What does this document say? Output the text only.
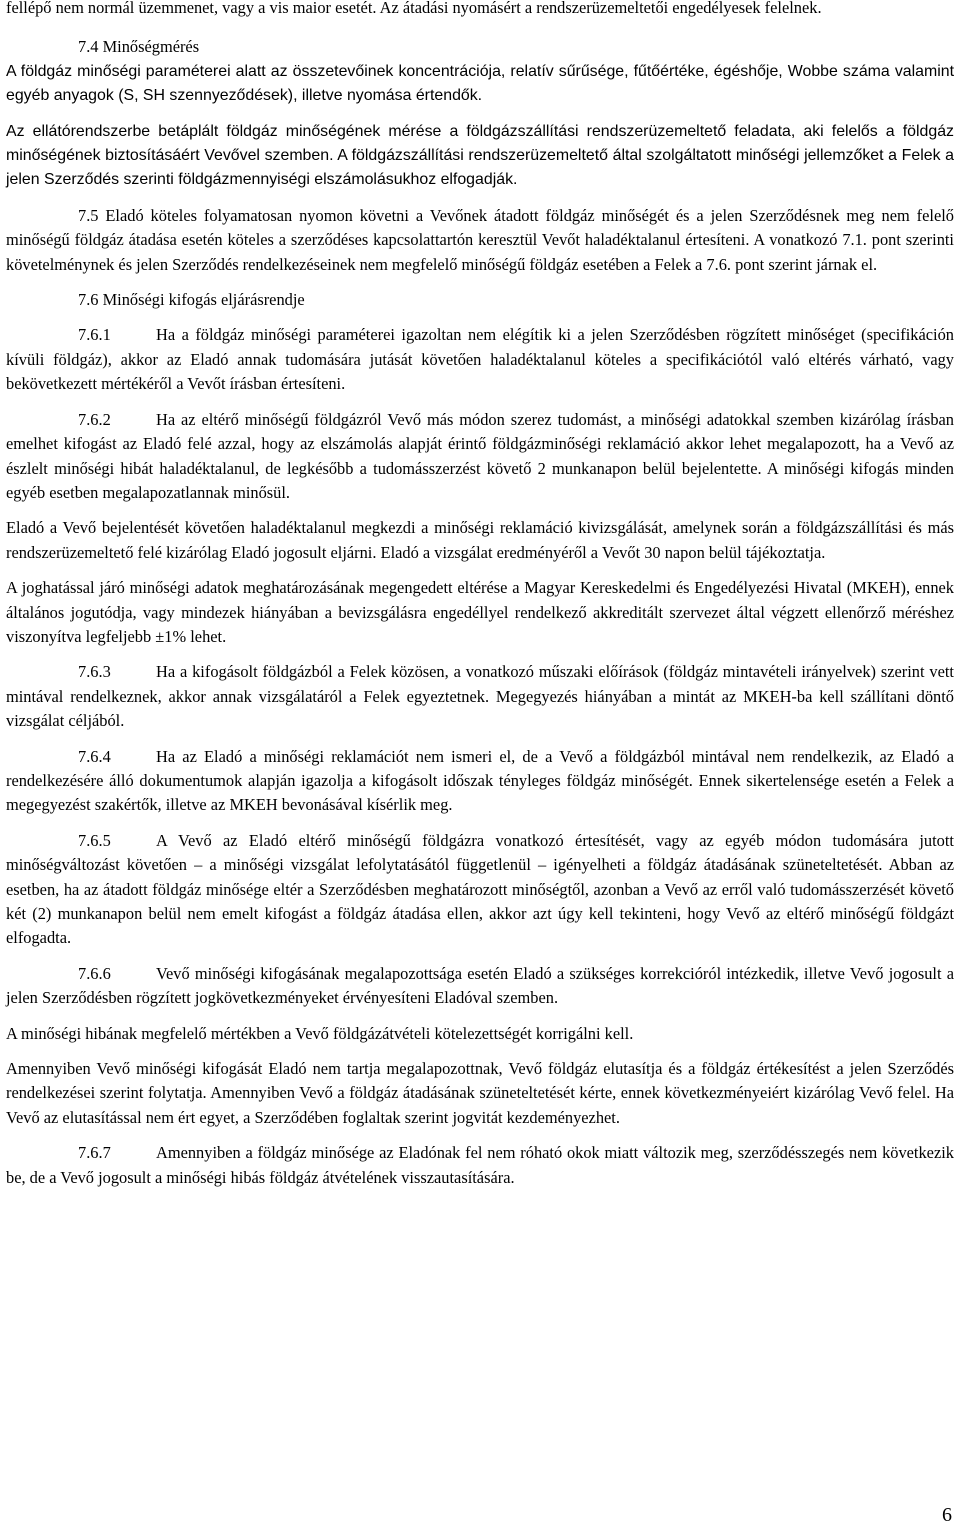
fellépő nem normál üzemmenet, vagy a vis maior esetét. Az átadási nyomásért a rendszerüzemeltetői engedélyesek felelnek.

7.4 Minőségmérés

A földgáz minőségi paraméterei alatt az összetevőinek koncentrációja, relatív sűrűsége, fűtőértéke, égéshője, Wobbe száma valamint egyéb anyagok (S, SH szennyeződések), illetve nyomása értendők.

Az ellátórendszerbe betáplált földgáz minőségének mérése a földgázszállítási rendszerüzemeltető feladata, aki felelős a földgáz minőségének biztosításáért Vevővel szemben. A földgázszállítási rendszerüzemeltető által szolgáltatott minőségi jellemzőket a Felek a jelen Szerződés szerinti földgázmennyiségi elszámolásukhoz elfogadják.

7.5 Eladó köteles folyamatosan nyomon követni a Vevőnek átadott földgáz minőségét és a jelen Szerződésnek meg nem felelő minőségű földgáz átadása esetén köteles a szerződéses kapcsolattartón keresztül Vevőt haladéktalanul értesíteni. A vonatkozó 7.1. pont szerinti követelménynek és jelen Szerződés rendelkezéseinek nem megfelelő minőségű földgáz esetében a Felek a 7.6. pont szerint járnak el.

7.6 Minőségi kifogás eljárásrendje

7.6.1	Ha a földgáz minőségi paraméterei igazoltan nem elégítik ki a jelen Szerződésben rögzített minőséget (specifikáción kívüli földgáz), akkor az Eladó annak tudomására jutását követően haladéktalanul köteles a specifikációtól való eltérés várható, vagy bekövetkezett mértékéről a Vevőt írásban értesíteni.

7.6.2	Ha az eltérő minőségű földgázról Vevő más módon szerez tudomást, a minőségi adatokkal szemben kizárólag írásban emelhet kifogást az Eladó felé azzal, hogy az elszámolás alapját érintő földgázminőségi reklamáció akkor lehet megalapozott, ha a Vevő az észlelt minőségi hibát haladéktalanul, de legkésőbb a tudomásszerzést követő 2 munkanapon belül bejelentette. A minőségi kifogás minden egyéb esetben megalapozatlannak minősül.

Eladó a Vevő bejelentését követően haladéktalanul megkezdi a minőségi reklamáció kivizsgálását, amelynek során a földgázszállítási és más rendszerüzemeltető felé kizárólag Eladó jogosult eljárni. Eladó a vizsgálat eredményéről a Vevőt 30 napon belül tájékoztatja.

A joghatással járó minőségi adatok meghatározásának megengedett eltérése a Magyar Kereskedelmi és Engedélyezési Hivatal (MKEH), ennek általános jogutódja, vagy mindezek hiányában a bevizsgálásra engedéllyel rendelkező akkreditált szervezet által végzett ellenőrző méréshez viszonyítva legfeljebb ±1% lehet.

7.6.3	Ha a kifogásolt földgázból a Felek közösen, a vonatkozó műszaki előírások (földgáz mintavételi irányelvek) szerint vett mintával rendelkeznek, akkor annak vizsgálatáról a Felek egyeztetnek. Megegyezés hiányában a mintát az MKEH-ba kell szállítani döntő vizsgálat céljából.

7.6.4	Ha az Eladó a minőségi reklamációt nem ismeri el, de a Vevő a földgázból mintával nem rendelkezik, az Eladó a rendelkezésére álló dokumentumok alapján igazolja a kifogásolt időszak tényleges földgáz minőségét. Ennek sikertelensége esetén a Felek a megegyezést szakértők, illetve az MKEH bevonásával kísérlik meg.

7.6.5	A Vevő az Eladó eltérő minőségű földgázra vonatkozó értesítését, vagy az egyéb módon tudomására jutott minőségváltozást követően – a minőségi vizsgálat lefolytatásától függetlenül – igényelheti a földgáz átadásának szüneteltetését. Abban az esetben, ha az átadott földgáz minősége eltér a Szerződésben meghatározott minőségtől, azonban a Vevő az erről való tudomásszerzését követő két (2) munkanapon belül nem emelt kifogást a földgáz átadása ellen, akkor azt úgy kell tekinteni, hogy Vevő az eltérő minőségű földgázt elfogadta.

7.6.6	Vevő minőségi kifogásának megalapozottsága esetén Eladó a szükséges korrekcióról intézkedik, illetve Vevő jogosult a jelen Szerződésben rögzített jogkövetkezményeket érvényesíteni Eladóval szemben.

A minőségi hibának megfelelő mértékben a Vevő földgázátvételi kötelezettségét korrigálni kell.

Amennyiben Vevő minőségi kifogását Eladó nem tartja megalapozottnak, Vevő földgáz elutasítja és a földgáz értékesítést a jelen Szerződés rendelkezései szerint folytatja. Amennyiben Vevő a földgáz átadásának szüneteltetését kérte, ennek következményeiért kizárólag Vevő felel. Ha Vevő az elutasítással nem ért egyet, a Szerződében foglaltak szerint jogvitát kezdeményezhet.

7.6.7	Amennyiben a földgáz minősége az Eladónak fel nem róható okok miatt változik meg, szerződésszegés nem következik be, de a Vevő jogosult a minőségi hibás földgáz átvételének visszautasítására.

6
